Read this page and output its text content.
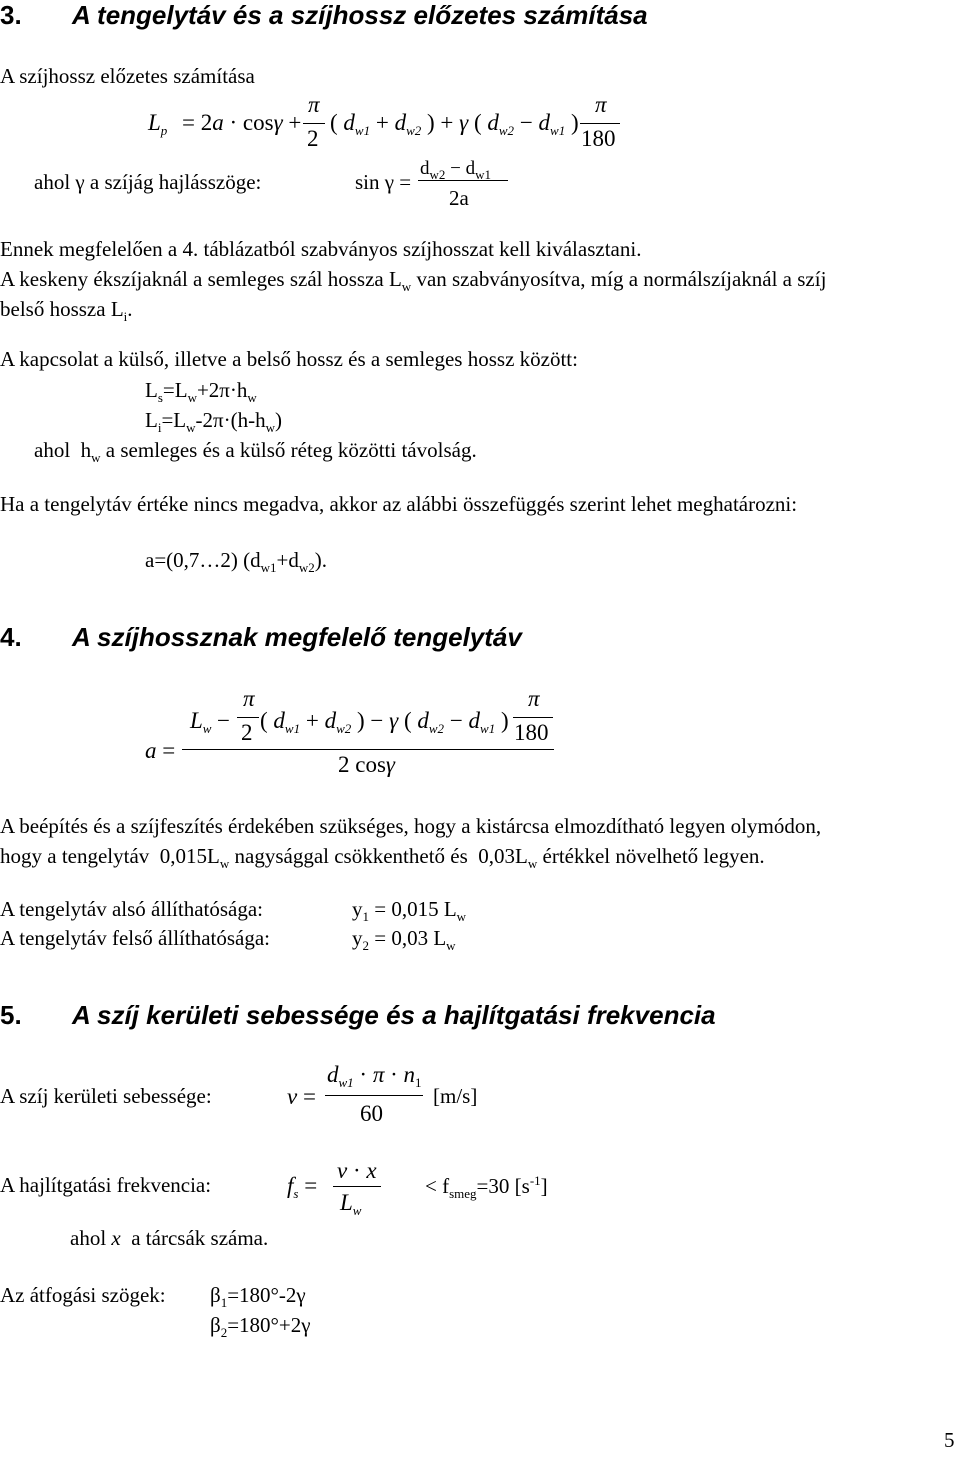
3. A tengelytáv és a szíjhossz előzetes számítása
A szíjhossz előzetes számítása
$L_p = 2a \cdot \cos\gamma$ +
π
2
( $d_{w1} + d_{w2}$ ) + γ ( $d_{w2} - d_{w1}$ )
π
180
ahol γ a szíjág hajlásszöge:	sin γ =
$d_{w2} - d_{w1}$
2a
Ennek megfelelően a 4. táblázatból szabványos szíjhosszat kell kiválasztani.
A keskeny ékszíjaknál a semleges szál hossza $L_w$ van szabványosítva, míg a normálszíjaknál a szíj
belső hossza $L_i$.
A kapcsolat a külső, illetve a belső hossz és a semleges hossz között:
$L_s=L_w+2\pi\cdot h_w$
$L_i=L_w-2\pi\cdot(h-h_w)$
ahol  $h_w$ a semleges és a külső réteg közötti távolság.
Ha a tengelytáv értéke nincs megadva, akkor az alábbi összefüggés szerint lehet meghatározni:
a=(0,7…2) $(d_{w1}+d_{w2})$.
4. A szíjhossznak megfelelő tengelytáv
a =
$L_w$ −
π
2 ( $d_{w1} + d_{w2}$ ) − γ ( $d_{w2} - d_{w1}$ )
π
180
2 cosγ
A beépítés és a szíjfeszítés érdekében szükséges, hogy a kistárcsa elmozdítható legyen olymódon,
hogy a tengelytáv  $0,015L_w$ nagysággal csökkenthető és  $0,03L_w$ értékkel növelhető legyen.
A tengelytáv alsó állíthatósága:	$y_1 = 0,015$ $L_w$
A tengelytáv felső állíthatósága:	$y_2 = 0,03$ $L_w$
5. A szíj kerületi sebessége és a hajlítgatási frekvencia
A szíj kerületi sebessége:	v =
$d_{w1} \cdot \pi \cdot n_1$
60
[m/s]
A hajlítgatási frekvencia:	$f_s$ =
v · x
$L_w$
< $f_{smeg}=30$ $[s^{-1}]$
ahol x  a tárcsák száma.
Az átfogási szögek: $\beta_1=180^\circ-2\gamma$
$\beta_2=180^\circ+2\gamma$
5
